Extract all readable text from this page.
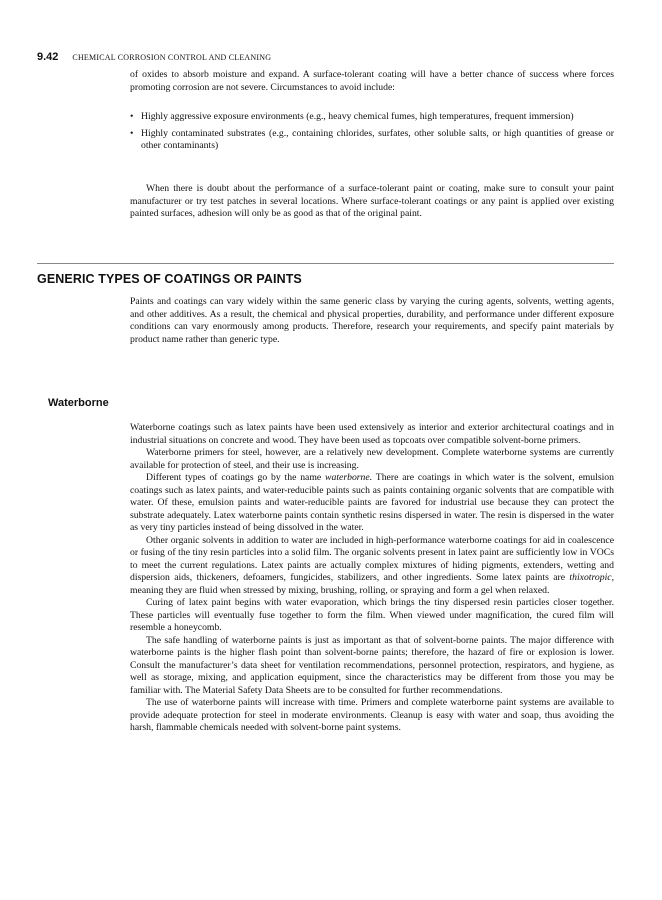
9.42 CHEMICAL CORROSION CONTROL AND CLEANING

of oxides to absorb moisture and expand. A surface-tolerant coating will have a better chance of success where forces promoting corrosion are not severe. Circumstances to avoid include:

• Highly aggressive exposure environments (e.g., heavy chemical fumes, high temperatures, frequent immersion)
• Highly contaminated substrates (e.g., containing chlorides, surfates, other soluble salts, or high quantities of grease or other contaminants)

When there is doubt about the performance of a surface-tolerant paint or coating, make sure to consult your paint manufacturer or try test patches in several locations. Where surface-tolerant coatings or any paint is applied over existing painted surfaces, adhesion will only be as good as that of the original paint.

GENERIC TYPES OF COATINGS OR PAINTS

Paints and coatings can vary widely within the same generic class by varying the curing agents, solvents, wetting agents, and other additives. As a result, the chemical and physical properties, durability, and performance under different exposure conditions can vary enormously among products. Therefore, research your requirements, and specify paint materials by product name rather than generic type.

Waterborne

Waterborne coatings such as latex paints have been used extensively as interior and exterior architectural coatings and in industrial situations on concrete and wood. They have been used as topcoats over compatible solvent-borne primers.

Waterborne primers for steel, however, are a relatively new development. Complete waterborne systems are currently available for protection of steel, and their use is increasing.

Different types of coatings go by the name waterborne. There are coatings in which water is the solvent, emulsion coatings such as latex paints, and water-reducible paints such as paints containing organic solvents that are compatible with water. Of these, emulsion paints and water-reducible paints are favored for industrial use because they can protect the substrate adequately. Latex waterborne paints contain synthetic resins dispersed in water. The resin is dispersed in the water as very tiny particles instead of being dissolved in the water.

Other organic solvents in addition to water are included in high-performance waterborne coatings for aid in coalescence or fusing of the tiny resin particles into a solid film. The organic solvents present in latex paint are sufficiently low in VOCs to meet the current regulations. Latex paints are actually complex mixtures of hiding pigments, extenders, wetting and dispersion aids, thickeners, defoamers, fungicides, stabilizers, and other ingredients. Some latex paints are thixotropic, meaning they are fluid when stressed by mixing, brushing, rolling, or spraying and form a gel when relaxed.

Curing of latex paint begins with water evaporation, which brings the tiny dispersed resin particles closer together. These particles will eventually fuse together to form the film. When viewed under magnification, the cured film will resemble a honeycomb.

The safe handling of waterborne paints is just as important as that of solvent-borne paints. The major difference with waterborne paints is the higher flash point than solvent-borne paints; therefore, the hazard of fire or explosion is lower. Consult the manufacturer’s data sheet for ventilation recommendations, personnel protection, respirators, and hygiene, as well as storage, mixing, and application equipment, since the characteristics may be different from those you may be familiar with. The Material Safety Data Sheets are to be consulted for further recommendations.

The use of waterborne paints will increase with time. Primers and complete waterborne paint systems are available to provide adequate protection for steel in moderate environments. Cleanup is easy with water and soap, thus avoiding the harsh, flammable chemicals needed with solvent-borne paint systems.
